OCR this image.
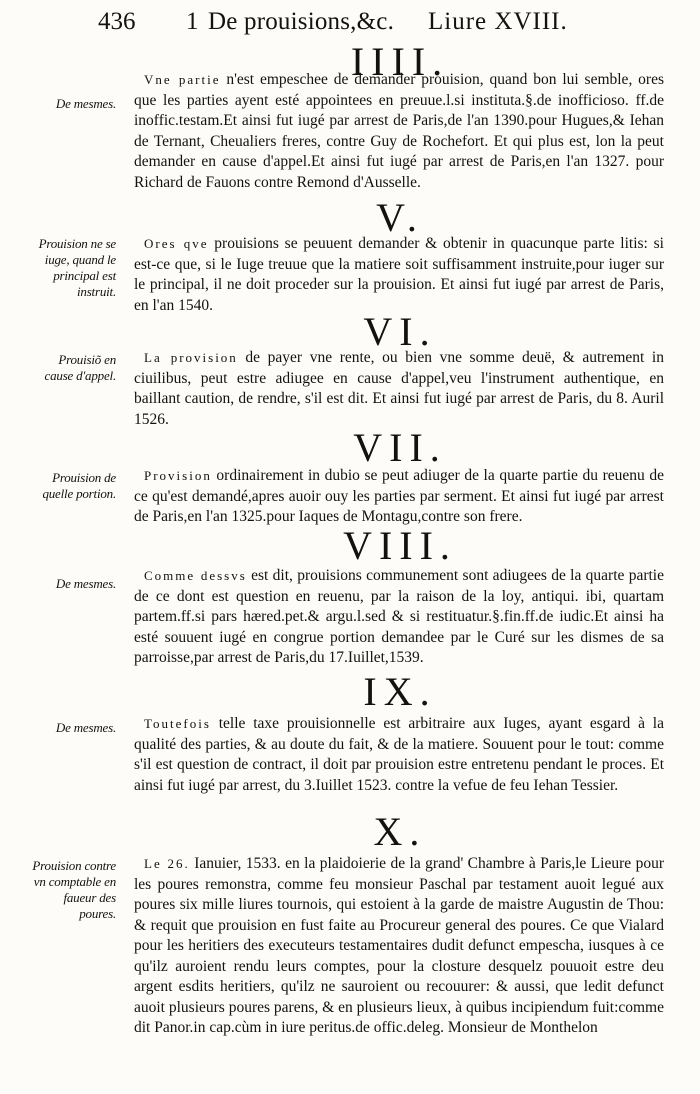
436 1 De prouisions,&c. Liure XVIII.
IIII.
De mesmes.

Vne partie n'est empeschee de demander prouision, quand bon lui semble, ores que les parties ayent esté appointees en preuue.l.si instituta.§.de inofficioso. ff.de inoffic.testam.Et ainsi fut iugé par arrest de Paris,de l'an 1390.pour Hugues,& Iehan de Ternant, Cheualiers freres, contre Guy de Rochefort. Et qui plus est, lon la peut demander en cause d'appel.Et ainsi fut iugé par arrest de Paris,en l'an 1327. pour Richard de Fauons contre Remond d'Ausselle.

V.
Prouision ne se iuge, quand le principal est instruit.

Ores qve prouisions se peuuent demander & obtenir in quacunque parte litis: si est-ce que, si le Iuge treuue que la matiere soit suffisamment instruite,pour iuger sur le principal, il ne doit proceder sur la prouision. Et ainsi fut iugé par arrest de Paris, en l'an 1540.

VI.
Prouisiõ en cause d'appel.

La provision de payer vne rente, ou bien vne somme deuë, & autrement in ciuilibus, peut estre adiugee en cause d'appel,veu l'instrument authentique, en baillant caution, de rendre, s'il est dit. Et ainsi fut iugé par arrest de Paris, du 8. Auril 1526.

VII.
Prouision de quelle portion.

Provision ordinairement in dubio se peut adiuger de la quarte partie du reuenu de ce qu'est demandé,apres auoir ouy les parties par serment. Et ainsi fut iugé par arrest de Paris,en l'an 1325.pour Iaques de Montagu,contre son frere.

VIII.
De mesmes.

Comme dessvs est dit, prouisions communement sont adiugees de la quarte partie de ce dont est question en reuenu, par la raison de la loy, antiqui. ibi, quartam partem.ff.si pars hæred.pet.& argu.l.sed & si restituatur.§.fin.ff.de iudic.Et ainsi ha esté souuent iugé en congrue portion demandee par le Curé sur les dismes de sa parroisse,par arrest de Paris,du 17.Iuillet,1539.

IX.
De mesmes.	Toutefois telle taxe prouisionnelle est arbitraire aux Iuges, ayant esgard à la qualité des parties, & au doute du fait, & de la matiere. Souuent pour le tout: comme s'il est question de contract, il doit par prouision estre entretenu pendant le proces. Et ainsi fut iugé par arrest, du 3.Iuillet 1523. contre la vefue de feu Iehan Tessier.

X.
Prouision contre vn comptable en faueur des poures.

Le 26. Ianuier, 1533. en la plaidoierie de la grand' Chambre à Paris,le Lieure pour les poures remonstra, comme feu monsieur Paschal par testament auoit legué aux poures six mille liures tournois, qui estoient à la garde de maistre Augustin de Thou: & requit que prouision en fust faite au Procureur general des poures. Ce que Vialard pour les heritiers des executeurs testamentaires dudit defunct empescha, iusques à ce qu'ilz auroient rendu leurs comptes, pour la closture desquelz pouuoit estre deu argent esdits heritiers, qu'ilz ne sauroient ou recouurer: & aussi, que ledit defunct auoit plusieurs poures parens, & en plusieurs lieux, à quibus incipiendum fuit:comme dit Panor.in cap.cùm in iure peritus.de offic.deleg. Monsieur de Monthelon
